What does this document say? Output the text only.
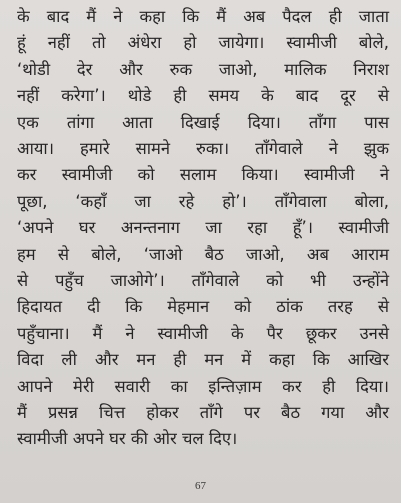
के बाद मैं ने कहा कि मैं अब पैदल ही जाता

हूं नहीं तो अंधेरा हो जायेगा। स्वामीजी बोले,

‘थोडी देर और रुक जाओ, मालिक निराश

नहीं करेगा’। थोडे ही समय के बाद दूर से

एक तांगा आता दिखाई दिया। ताँगा पास

आया। हमारे सामने रुका। ताँगेवाले ने झुक

कर स्वामीजी को सलाम किया। स्वामीजी ने

पूछा, ‘कहाँ जा रहे हो’। ताँगेवाला बोला,

‘अपने घर अनन्तनाग जा रहा हूँ’। स्वामीजी

हम से बोले, ‘जाओ बैठ जाओ, अब आराम

से पहुँच जाओगे’। ताँगेवाले को भी उन्होंने

हिदायत दी कि मेहमान को ठांक तरह से

पहुँचाना। मैं ने स्वामीजी के पैर छूकर उनसे

विदा ली और मन ही मन में कहा कि आखिर

आपने मेरी सवारी का इन्तिज़ाम कर ही दिया।

मैं प्रसन्न चित्त होकर ताँगे पर बैठ गया और

स्वामीजी अपने घर की ओर चल दिए।

67
